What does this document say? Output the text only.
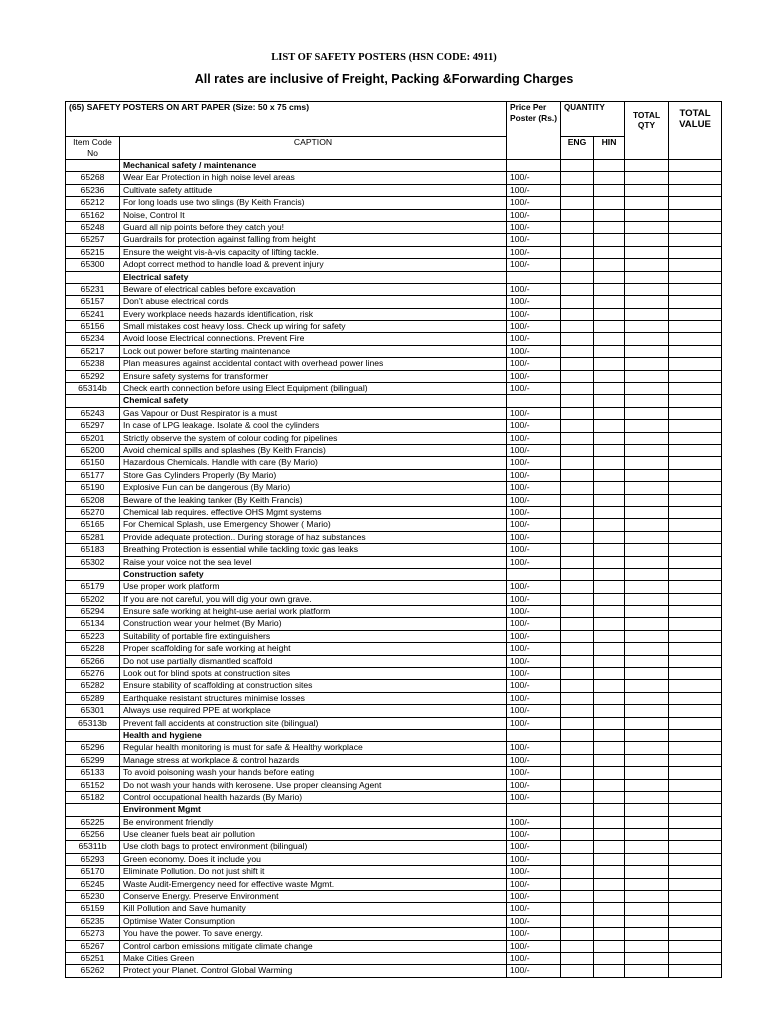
LIST OF SAFETY POSTERS (HSN CODE: 4911)
All rates are inclusive of Freight, Packing &Forwarding Charges
(65) SAFETY POSTERS ON ART PAPER (Size: 50 x 75 cms)		Price Per Poster (Rs.)	QUANTITY		TOTAL QTY	TOTAL VALUE
Item Code No	CAPTION		ENG	HIN		
	Mechanical safety / maintenance					
65268	Wear Ear Protection in high noise level areas	100/-				
65236	Cultivate safety attitude	100/-				
65212	For long loads use two slings (By Keith Francis)	100/-				
65162	Noise, Control It	100/-				
65248	Guard all nip points before they catch you!	100/-				
65257	Guardrails for protection against falling from height	100/-				
65215	Ensure the weight vis-à-vis capacity of lifting tackle.	100/-				
65300	Adopt correct method to handle load & prevent injury	100/-				
	Electrical safety					
65231	Beware of electrical cables before excavation	100/-				
65157	Don’t abuse electrical cords	100/-				
65241	Every workplace needs hazards identification, risk	100/-				
65156	Small mistakes cost heavy loss. Check up wiring for safety	100/-				
65234	Avoid loose Electrical connections. Prevent Fire	100/-				
65217	Lock out power before starting maintenance	100/-				
65238	Plan measures against accidental contact with overhead power lines	100/-				
65292	Ensure safety systems for transformer	100/-				
65314b	Check earth connection before using Elect Equipment (bilingual)	100/-				
	Chemical safety					
65243	Gas Vapour or Dust Respirator is a must	100/-				
65297	In case of LPG leakage. Isolate & cool the cylinders	100/-				
65201	Strictly observe the system of colour coding for pipelines	100/-				
65200	Avoid chemical spills and splashes (By Keith Francis)	100/-				
65150	Hazardous Chemicals. Handle with care (By Mario)	100/-				
65177	Store Gas Cylinders Properly (By Mario)	100/-				
65190	Explosive Fun can be dangerous (By Mario)	100/-				
65208	Beware of the leaking tanker (By Keith Francis)	100/-				
65270	Chemical lab requires. effective OHS Mgmt systems	100/-				
65165	For Chemical Splash, use Emergency Shower ( Mario)	100/-				
65281	Provide adequate protection.. During storage of haz substances	100/-				
65183	Breathing Protection is essential while tackling toxic gas leaks	100/-				
65302	Raise your voice not the sea level	100/-				
	Construction safety					
65179	Use proper work platform	100/-				
65202	If you are not careful, you will dig your own grave.	100/-				
65294	Ensure safe working at height-use aerial work platform	100/-				
65134	Construction wear your helmet (By Mario)	100/-				
65223	Suitability of portable fire extinguishers	100/-				
65228	Proper scaffolding for safe working at height	100/-				
65266	Do not use partially dismantled scaffold	100/-				
65276	Look out for blind spots at construction sites	100/-				
65282	Ensure stability of scaffolding at construction sites	100/-				
65289	Earthquake resistant structures minimise losses	100/-				
65301	Always use required PPE at workplace	100/-				
65313b	Prevent fall accidents at construction site (bilingual)	100/-				
	Health and hygiene					
65296	Regular health monitoring is must for safe & Healthy workplace	100/-				
65299	Manage stress at workplace & control hazards	100/-				
65133	To avoid poisoning wash your hands before eating	100/-				
65152	Do not wash your hands with kerosene. Use proper cleansing Agent	100/-				
65182	Control occupational health hazards (By Mario)	100/-				
	Environment Mgmt					
65225	Be environment friendly	100/-				
65256	Use cleaner fuels beat air pollution	100/-				
65311b	Use cloth bags to protect environment (bilingual)	100/-				
65293	Green economy. Does it include you	100/-				
65170	Eliminate Pollution. Do not just shift it	100/-				
65245	Waste Audit-Emergency need for effective waste Mgmt.	100/-				
65230	Conserve Energy. Preserve Environment	100/-				
65159	Kill Pollution and Save humanity	100/-				
65235	Optimise Water Consumption	100/-				
65273	You have the power. To save energy.	100/-				
65267	Control carbon emissions mitigate climate change	100/-				
65251	Make Cities Green	100/-				
65262	Protect your Planet. Control Global Warming	100/-				
